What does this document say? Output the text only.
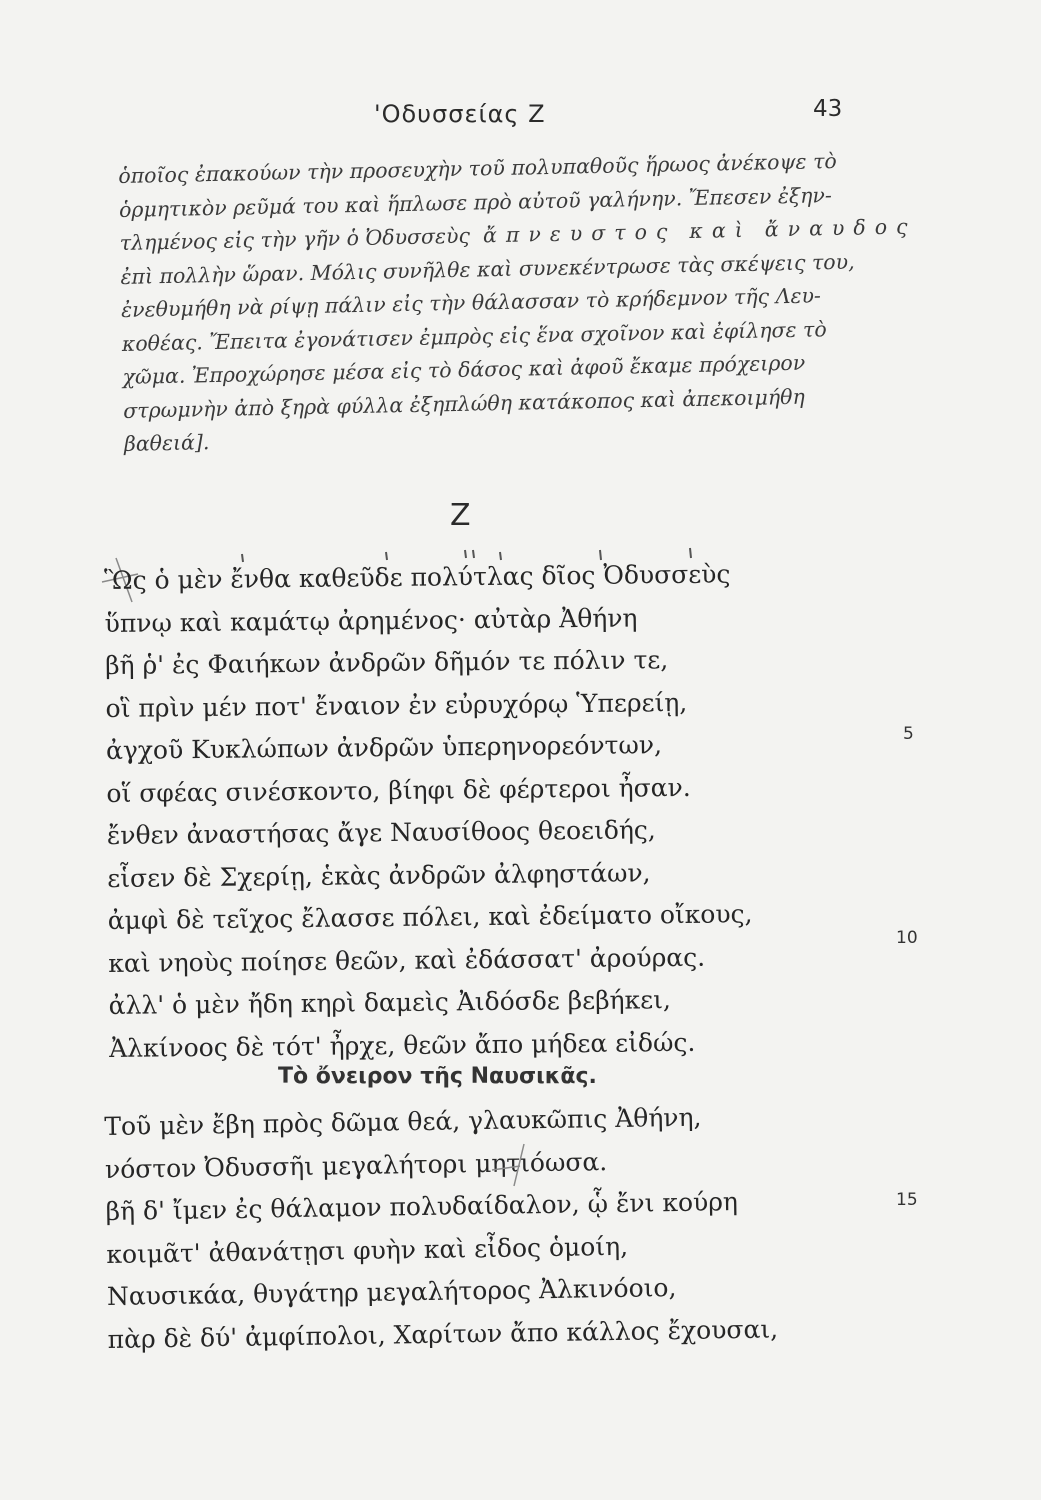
'Οδυσσείας Ζ	43
ὁποῖος ἐπακούων τὴν προσευχὴν τοῦ πολυπαθοῦς ἥρωος ἀνέκοψε τὸ
ὁρμητικὸν ρεῦμά του καὶ ἥπλωσε πρὸ αὐτοῦ γαλήνην. Ἔπεσεν ἐξην-
τλημένος εἰς τὴν γῆν ὁ Ὀδυσσεὺς ἄπνευστος καὶ ἄναυδος
ἐπὶ πολλὴν ὥραν. Μόλις συνῆλθε καὶ συνεκέντρωσε τὰς σκέψεις του,
ἐνεθυμήθη νὰ ρίψῃ πάλιν εἰς τὴν θάλασσαν τὸ κρήδεμνον τῆς Λευ-
κοθέας. Ἔπειτα ἐγονάτισεν ἐμπρὸς εἰς ἕνα σχοῖνον καὶ ἐφίλησε τὸ
χῶμα. Ἐπροχώρησε μέσα εἰς τὸ δάσος καὶ ἀφοῦ ἔκαμε πρόχειρον
στρωμνὴν ἀπὸ ξηρὰ φύλλα ἐξηπλώθη κατάκοπος καὶ ἀπεκοιμήθη
βαθειά].
Ζ
Ὣς ὁ μὲν ἔνθα καθεῦδε πολύτλας δῖος Ὀδυσσεὺς
ὕπνῳ καὶ καμάτῳ ἀρημένος· αὐτὰρ Ἀθήνη
βῆ ῥ' ἐς Φαιήκων ἀνδρῶν δῆμόν τε πόλιν τε,
οἳ πρὶν μέν ποτ' ἔναιον ἐν εὐρυχόρῳ Ὑπερείῃ,
ἀγχοῦ Κυκλώπων ἀνδρῶν ὑπερηνορεόντων,
οἵ σφέας σινέσκοντο, βίηφι δὲ φέρτεροι ἦσαν.
ἔνθεν ἀναστήσας ἄγε Ναυσίθοος θεοειδής,
εἷσεν δὲ Σχερίῃ, ἑκὰς ἀνδρῶν ἀλφηστάων,
ἀμφὶ δὲ τεῖχος ἔλασσε πόλει, καὶ ἐδείματο οἴκους,
καὶ νηοὺς ποίησε θεῶν, καὶ ἐδάσσατ' ἀρούρας.
ἀλλ' ὁ μὲν ἤδη κηρὶ δαμεὶς Ἀιδόσδε βεβήκει,
Ἀλκίνοος δὲ τότ' ἦρχε, θεῶν ἄπο μήδεα εἰδώς.
Τὸ ὄνειρον τῆς Ναυσικᾶς.
Τοῦ μὲν ἔβη πρὸς δῶμα θεά, γλαυκῶπις Ἀθήνη,
νόστον Ὀδυσσῆι μεγαλήτορι μητιόωσα.
βῆ δ' ἴμεν ἐς θάλαμον πολυδαίδαλον, ᾧ ἔνι κούρη
κοιμᾶτ' ἀθανάτῃσι φυὴν καὶ εἶδος ὁμοίη,
Ναυσικάα, θυγάτηρ μεγαλήτορος Ἀλκινόοιο,
πὰρ δὲ δύ' ἀμφίπολοι, Χαρίτων ἄπο κάλλος ἔχουσαι,
5
10
15
